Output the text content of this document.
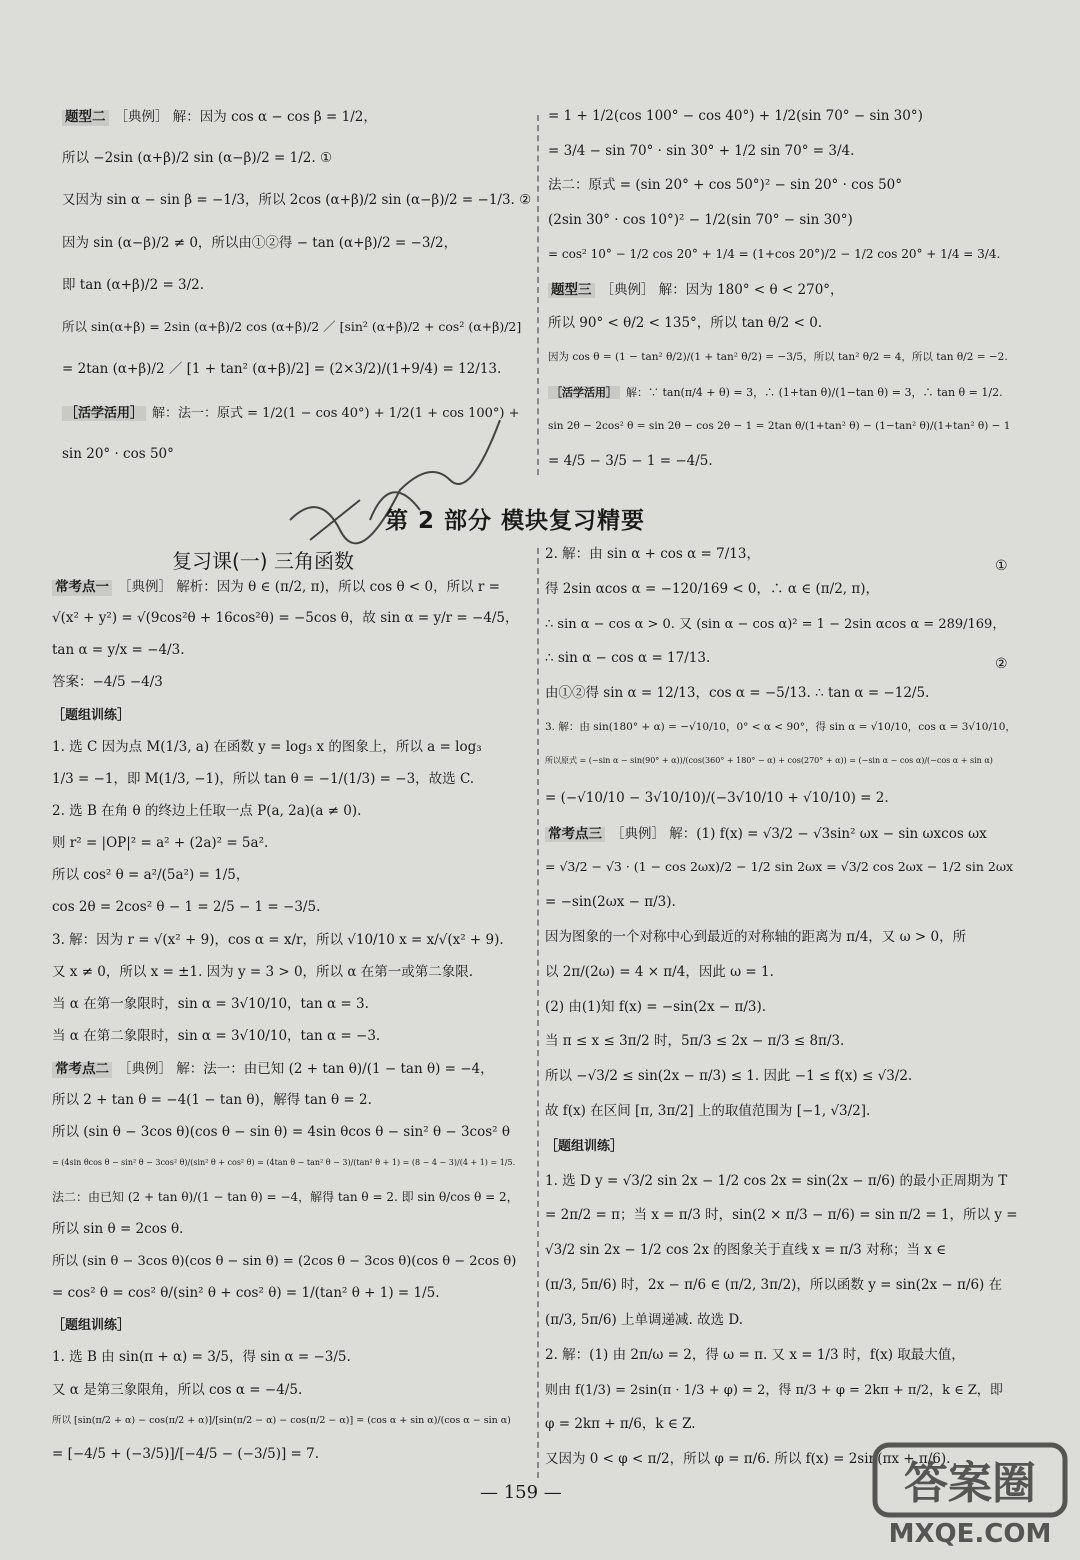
题型二 ［典例］ 解：因为 cos α − cos β = 1/2，
所以 −2sin (α+β)/2 sin (α−β)/2 = 1/2. ①
又因为 sin α − sin β = −1/3，所以 2cos (α+β)/2 sin (α−β)/2 = −1/3. ②
因为 sin (α−β)/2 ≠ 0，所以由①②得 − tan (α+β)/2 = −3/2，
即 tan (α+β)/2 = 3/2.
所以 sin(α+β) = 2sin (α+β)/2 cos (α+β)/2 ／ [sin² (α+β)/2 + cos² (α+β)/2]
= 2tan (α+β)/2 ／ [1 + tan² (α+β)/2] = (2×3/2)/(1+9/4) = 12/13.
［活学活用］ 解：法一：原式 = 1/2(1 − cos 40°) + 1/2(1 + cos 100°) +
sin 20° · cos 50°
= 1 + 1/2(cos 100° − cos 40°) + 1/2(sin 70° − sin 30°)
= 3/4 − sin 70° · sin 30° + 1/2 sin 70° = 3/4.
法二：原式 = (sin 20° + cos 50°)² − sin 20° · cos 50°
(2sin 30° · cos 10°)² − 1/2(sin 70° − sin 30°)
= cos² 10° − 1/2 cos 20° + 1/4 = (1+cos 20°)/2 − 1/2 cos 20° + 1/4 = 3/4.
题型三 ［典例］ 解：因为 180° < θ < 270°，
所以 90° < θ/2 < 135°，所以 tan θ/2 < 0.
因为 cos θ = (1 − tan² θ/2)/(1 + tan² θ/2) = −3/5，所以 tan² θ/2 = 4，所以 tan θ/2 = −2.
［活学活用］ 解：∵ tan(π/4 + θ) = 3，∴ (1+tan θ)/(1−tan θ) = 3，∴ tan θ = 1/2.
sin 2θ − 2cos² θ = sin 2θ − cos 2θ − 1 = 2tan θ/(1+tan² θ) − (1−tan² θ)/(1+tan² θ) − 1
= 4/5 − 3/5 − 1 = −4/5.
第 2 部分 模块复习精要
复习课(一) 三角函数
常考点一 ［典例］ 解析：因为 θ ∈ (π/2, π)，所以 cos θ < 0，所以 r =
√(x² + y²) = √(9cos²θ + 16cos²θ) = −5cos θ，故 sin α = y/r = −4/5，
tan α = y/x = −4/3.
答案：−4/5 −4/3
［题组训练］
1. 选 C 因为点 M(1/3, a) 在函数 y = log₃ x 的图象上，所以 a = log₃
1/3 = −1，即 M(1/3, −1)，所以 tan θ = −1/(1/3) = −3，故选 C.
2. 选 B 在角 θ 的终边上任取一点 P(a, 2a)(a ≠ 0).
则 r² = |OP|² = a² + (2a)² = 5a².
所以 cos² θ = a²/(5a²) = 1/5，
cos 2θ = 2cos² θ − 1 = 2/5 − 1 = −3/5.
3. 解：因为 r = √(x² + 9)，cos α = x/r，所以 √10/10 x = x/√(x² + 9).
又 x ≠ 0，所以 x = ±1. 因为 y = 3 > 0，所以 α 在第一或第二象限.
当 α 在第一象限时，sin α = 3√10/10，tan α = 3.
当 α 在第二象限时，sin α = 3√10/10，tan α = −3.
常考点二 ［典例］ 解：法一：由已知 (2 + tan θ)/(1 − tan θ) = −4，
所以 2 + tan θ = −4(1 − tan θ)，解得 tan θ = 2.
所以 (sin θ − 3cos θ)(cos θ − sin θ) = 4sin θcos θ − sin² θ − 3cos² θ
= (4sin θcos θ − sin² θ − 3cos² θ)/(sin² θ + cos² θ) = (4tan θ − tan² θ − 3)/(tan² θ + 1) = (8 − 4 − 3)/(4 + 1) = 1/5.
法二：由已知 (2 + tan θ)/(1 − tan θ) = −4，解得 tan θ = 2. 即 sin θ/cos θ = 2，
所以 sin θ = 2cos θ.
所以 (sin θ − 3cos θ)(cos θ − sin θ) = (2cos θ − 3cos θ)(cos θ − 2cos θ)
= cos² θ = cos² θ/(sin² θ + cos² θ) = 1/(tan² θ + 1) = 1/5.
［题组训练］
1. 选 B 由 sin(π + α) = 3/5，得 sin α = −3/5.
又 α 是第三象限角，所以 cos α = −4/5.
所以 [sin(π/2 + α) − cos(π/2 + α)]/[sin(π/2 − α) − cos(π/2 − α)] = (cos α + sin α)/(cos α − sin α)
= [−4/5 + (−3/5)]/[−4/5 − (−3/5)] = 7.
2. 解：由 sin α + cos α = 7/13，
得 2sin αcos α = −120/169 < 0，∴ α ∈ (π/2, π)，
∴ sin α − cos α > 0. 又 (sin α − cos α)² = 1 − 2sin αcos α = 289/169，
∴ sin α − cos α = 17/13.
由①②得 sin α = 12/13，cos α = −5/13. ∴ tan α = −12/5.
3. 解：由 sin(180° + α) = −√10/10，0° < α < 90°，得 sin α = √10/10，cos α = 3√10/10，
所以原式 = (−sin α − sin(90° + α))/(cos(360° + 180° − α) + cos(270° + α)) = (−sin α − cos α)/(−cos α + sin α)
= (−√10/10 − 3√10/10)/(−3√10/10 + √10/10) = 2.
常考点三 ［典例］ 解：(1) f(x) = √3/2 − √3sin² ωx − sin ωxcos ωx
= √3/2 − √3 · (1 − cos 2ωx)/2 − 1/2 sin 2ωx = √3/2 cos 2ωx − 1/2 sin 2ωx
= −sin(2ωx − π/3).
因为图象的一个对称中心到最近的对称轴的距离为 π/4，又 ω > 0，所
以 2π/(2ω) = 4 × π/4，因此 ω = 1.
(2) 由(1)知 f(x) = −sin(2x − π/3).
当 π ≤ x ≤ 3π/2 时，5π/3 ≤ 2x − π/3 ≤ 8π/3.
所以 −√3/2 ≤ sin(2x − π/3) ≤ 1. 因此 −1 ≤ f(x) ≤ √3/2.
故 f(x) 在区间 [π, 3π/2] 上的取值范围为 [−1, √3/2].
［题组训练］
1. 选 D y = √3/2 sin 2x − 1/2 cos 2x = sin(2x − π/6) 的最小正周期为 T
= 2π/2 = π；当 x = π/3 时，sin(2 × π/3 − π/6) = sin π/2 = 1，所以 y =
√3/2 sin 2x − 1/2 cos 2x 的图象关于直线 x = π/3 对称；当 x ∈
(π/3, 5π/6) 时，2x − π/6 ∈ (π/2, 3π/2)，所以函数 y = sin(2x − π/6) 在
(π/3, 5π/6) 上单调递减. 故选 D.
2. 解：(1) 由 2π/ω = 2，得 ω = π. 又 x = 1/3 时，f(x) 取最大值，
则由 f(1/3) = 2sin(π · 1/3 + φ) = 2，得 π/3 + φ = 2kπ + π/2，k ∈ Z，即
φ = 2kπ + π/6，k ∈ Z.
又因为 0 < φ < π/2，所以 φ = π/6. 所以 f(x) = 2sin(πx + π/6).
①
②
— 159 —	答案圈
MXQE.COM
